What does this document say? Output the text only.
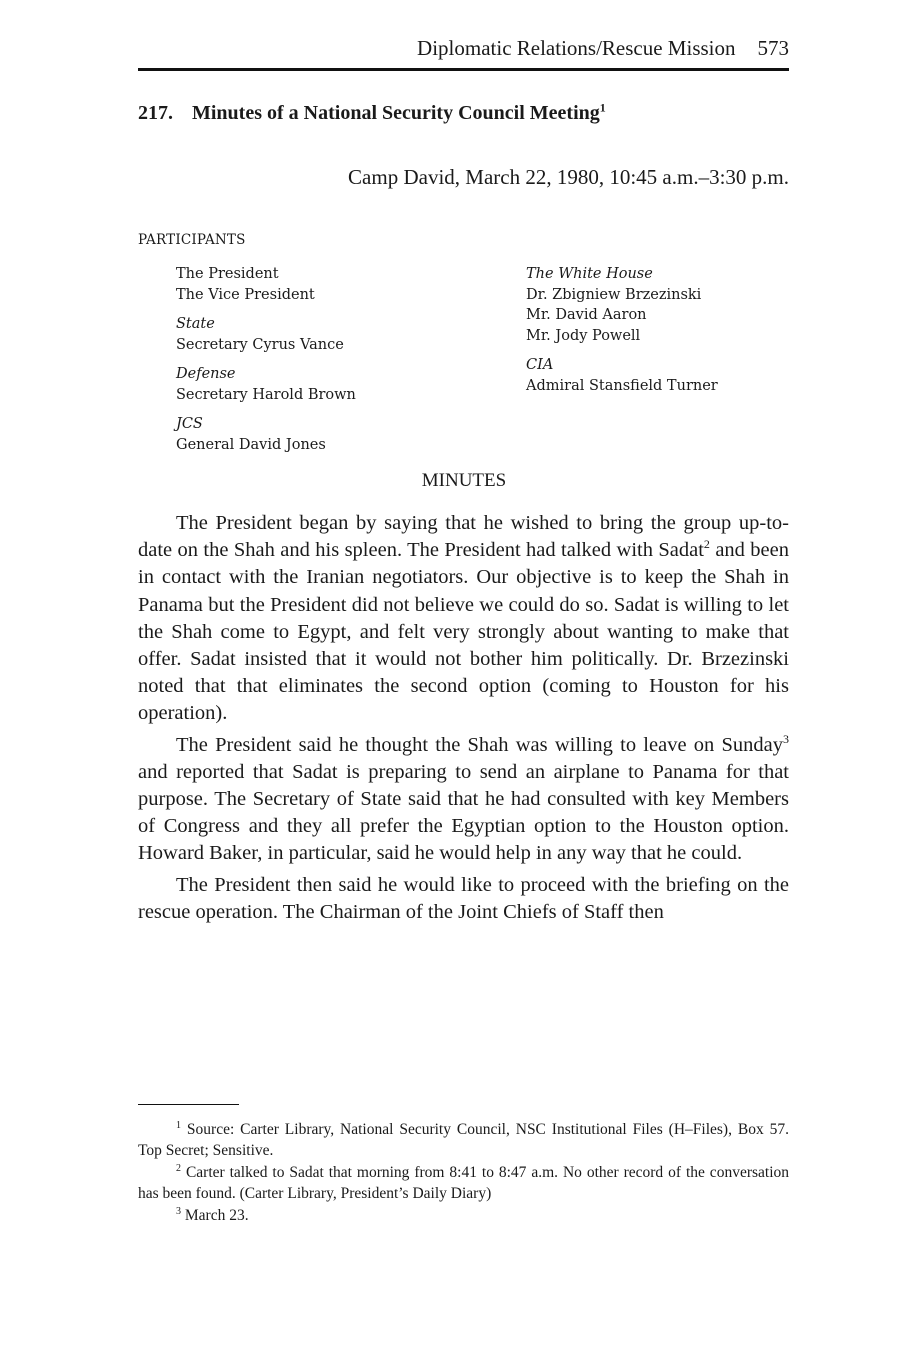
Diplomatic Relations/Rescue Mission 573
217. Minutes of a National Security Council Meeting$^1$
Camp David, March 22, 1980, 10:45 a.m.–3:30 p.m.
PARTICIPANTS
The President
The Vice President
State
Secretary Cyrus Vance
Defense
Secretary Harold Brown
JCS
General David Jones
The White House
Dr. Zbigniew Brzezinski
Mr. David Aaron
Mr. Jody Powell
CIA
Admiral Stansfield Turner
MINUTES

The President began by saying that he wished to bring the group up-to-date on the Shah and his spleen. The President had talked with Sadat$^2$ and been in contact with the Iranian negotiators. Our objective is to keep the Shah in Panama but the President did not believe we could do so. Sadat is willing to let the Shah come to Egypt, and felt very strongly about wanting to make that offer. Sadat insisted that it would not bother him politically. Dr. Brzezinski noted that that eliminates the second option (coming to Houston for his operation).

The President said he thought the Shah was willing to leave on Sunday$^3$ and reported that Sadat is preparing to send an airplane to Panama for that purpose. The Secretary of State said that he had consulted with key Members of Congress and they all prefer the Egyptian option to the Houston option. Howard Baker, in particular, said he would help in any way that he could.

The President then said he would like to proceed with the briefing on the rescue operation. The Chairman of the Joint Chiefs of Staff then

$^1$ Source: Carter Library, National Security Council, NSC Institutional Files (H–Files), Box 57. Top Secret; Sensitive.
$^2$ Carter talked to Sadat that morning from 8:41 to 8:47 a.m. No other record of the conversation has been found. (Carter Library, President’s Daily Diary)
$^3$ March 23.
